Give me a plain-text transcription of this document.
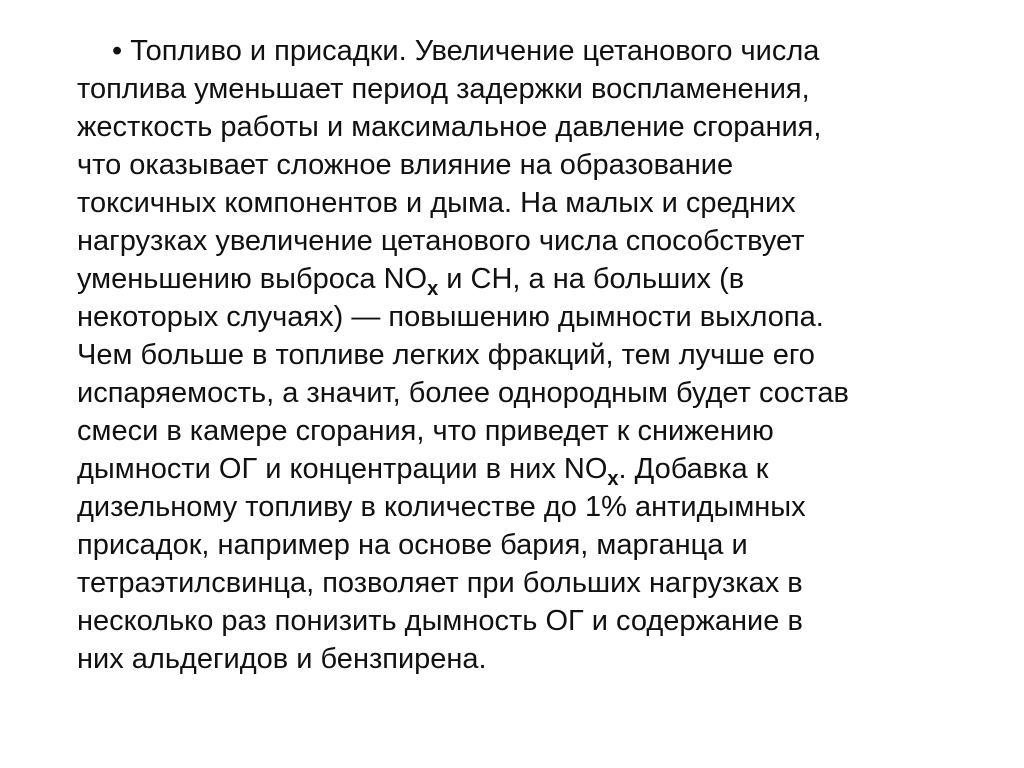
• Топливо и присадки. Увеличение цетанового числа
топлива уменьшает период задержки воспламенения,
жесткость работы и максимальное давление сгорания,
что оказывает сложное влияние на образование
токсичных компонентов и дыма. На малых и средних
нагрузках увеличение цетанового числа способствует
уменьшению выброса $NO_x$ и СН, а на больших (в
некоторых случаях) — повышению дымности выхлопа.
Чем больше в топливе легких фракций, тем лучше его
испаряемость, а значит, более однородным будет состав
смеси в камере сгорания, что приведет к снижению
дымности ОГ и концентрации в них $NO_x$. Добавка к
дизельному топливу в количестве до 1% антидымных
присадок, например на основе бария, марганца и
тетраэтилсвинца, позволяет при больших нагрузках в
несколько раз понизить дымность ОГ и содержание в
них альдегидов и бензпирена.
